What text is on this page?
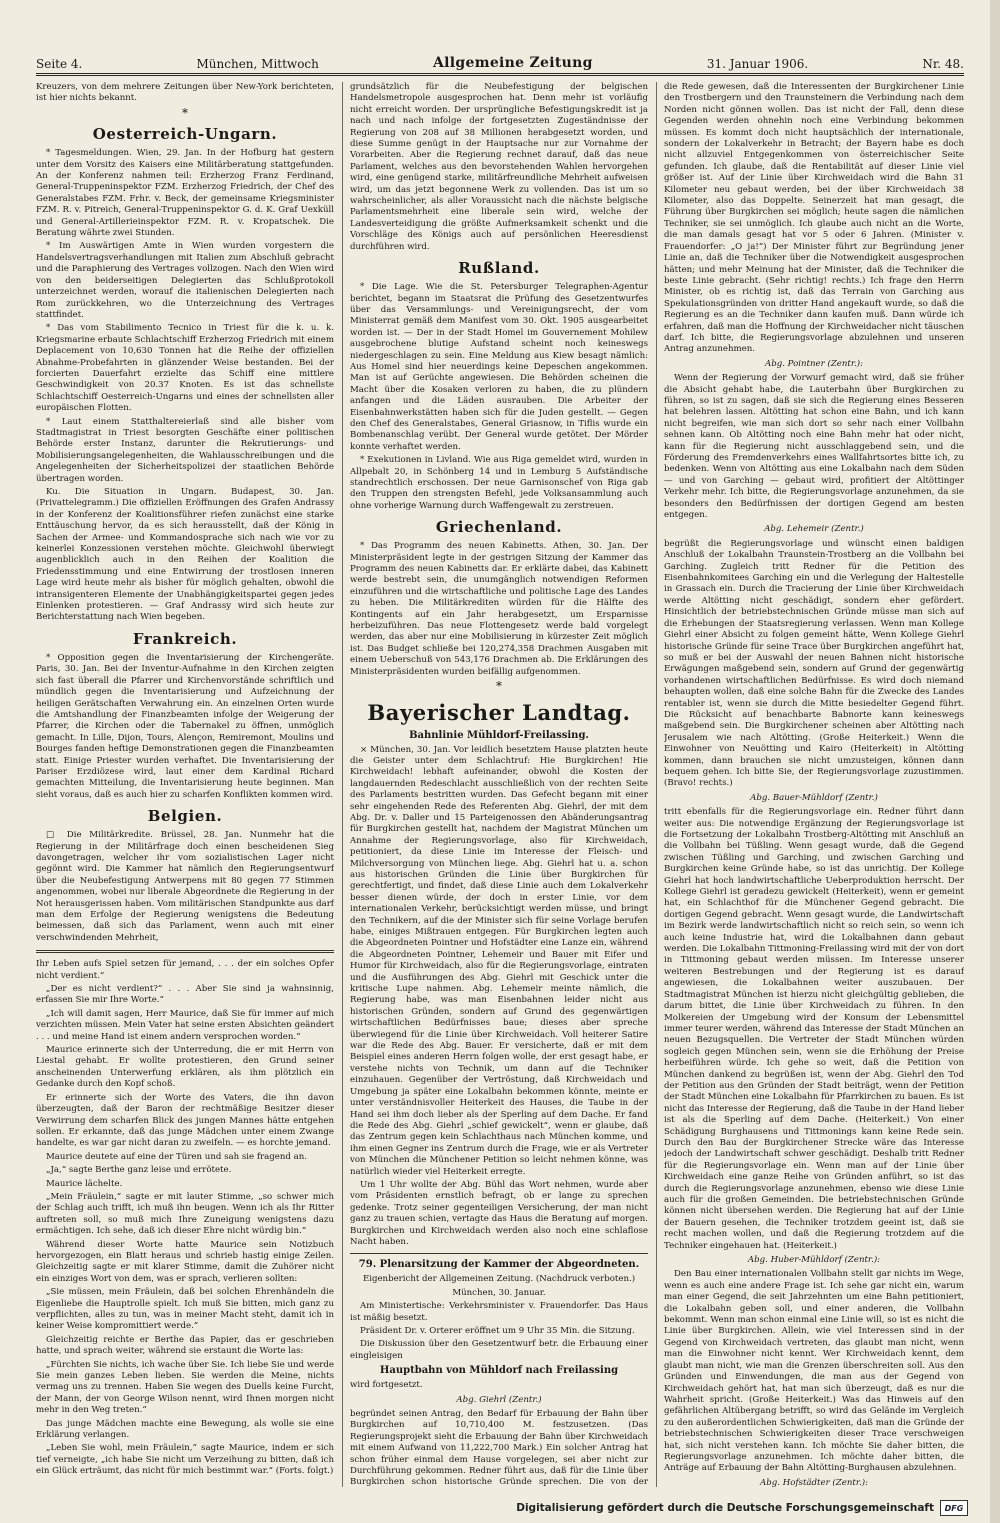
Seite 4.	München, Mittwoch	Allgemeine Zeitung	31. Januar 1906.	Nr. 48.

Kreuzers, von dem mehrere Zeitungen über New-York berichteten, ist hier nichts bekannt.

*
Oesterreich-Ungarn.

* Tagesmeldungen. Wien, 29. Jan. In der Hofburg hat gestern unter dem Vorsitz des Kaisers eine Militärberatung stattgefunden. An der Konferenz nahmen teil: Erzherzog Franz Ferdinand, General-Truppeninspektor FZM. Erzherzog Friedrich, der Chef des Generalstabes FZM. Frhr. v. Beck, der gemeinsame Kriegsminister FZM. R. v. Pitreich, General-Truppeninspektor G. d. K. Graf Uexküll und General-Artillerieinspektor FZM. R. v. Kropatschek. Die Beratung währte zwei Stunden.

* Im Auswärtigen Amte in Wien wurden vorgestern die Handelsvertragsverhandlungen mit Italien zum Abschluß gebracht und die Paraphierung des Vertrages vollzogen. Nach den Wien wird von den beiderseitigen Delegierten das Schlußprotokoll unterzeichnet werden, worauf die italienischen Delegierten nach Rom zurückkehren, wo die Unterzeichnung des Vertrages stattfindet.

* Das vom Stabilimento Tecnico in Triest für die k. u. k. Kriegsmarine erbaute Schlachtschiff Erzherzog Friedrich mit einem Deplacement von 10,630 Tonnen hat die Reihe der offiziellen Abnahme-Probefahrten in glänzender Weise bestanden. Bei der forcierten Dauerfahrt erzielte das Schiff eine mittlere Geschwindigkeit von 20.37 Knoten. Es ist das schnellste Schlachtschiff Oesterreich-Ungarns und eines der schnellsten aller europäischen Flotten.

* Laut einem Statthaltereierlaß sind alle bisher vom Stadtmagistrat in Triest besorgten Geschäfte einer politischen Behörde erster Instanz, darunter die Rekrutierungs- und Mobilisierungsangelegenheiten, die Wahlausschreibungen und die Angelegenheiten der Sicherheitspolizei der staatlichen Behörde übertragen worden.

Ku. Die Situation in Ungarn. Budapest, 30. Jan. (Privattelegramm.) Die offiziellen Eröffnungen des Grafen Andrassy in der Konferenz der Koalitionsführer riefen zunächst eine starke Enttäuschung hervor, da es sich herausstellt, daß der König in Sachen der Armee- und Kommandosprache sich nach wie vor zu keinerlei Konzessionen verstehen möchte. Gleichwohl überwiegt augenblicklich auch in den Reihen der Koalition die Friedensstimmung und eine Entwirrung der trostlosen inneren Lage wird heute mehr als bisher für möglich gehalten, obwohl die intransigenteren Elemente der Unabhängigkeitspartei gegen jedes Einlenken protestieren. — Graf Andrassy wird sich heute zur Berichterstattung nach Wien begeben.

Frankreich.

* Opposition gegen die Inventarisierung der Kirchengeräte. Paris, 30. Jan. Bei der Inventur-Aufnahme in den Kirchen zeigten sich fast überall die Pfarrer und Kirchenvorstände schriftlich und mündlich gegen die Inventarisierung und Aufzeichnung der heiligen Gerätschaften Verwahrung ein. An einzelnen Orten wurde die Amtshandlung der Finanzbeamten infolge der Weigerung der Pfarrer, die Kirchen oder die Tabernakel zu öffnen, unmöglich gemacht. In Lille, Dijon, Tours, Alençon, Remiremont, Moulins und Bourges fanden heftige Demonstrationen gegen die Finanzbeamten statt. Einige Priester wurden verhaftet. Die Inventarisierung der Pariser Erzdiözese wird, laut einer dem Kardinal Richard gemachten Mitteilung, die Inventarisierung heute beginnen. Man sieht voraus, daß es auch hier zu scharfen Konflikten kommen wird.

Belgien.

□ Die Militärkredite. Brüssel, 28. Jan. Nunmehr hat die Regierung in der Militärfrage doch einen bescheidenen Sieg davongetragen, welcher ihr vom sozialistischen Lager nicht gegönnt wird. Die Kammer hat nämlich den Regierungsentwurf über die Neubefestigung Antwerpens mit 80 gegen 77 Stimmen angenommen, wobei nur liberale Abgeordnete die Regierung in der Not herausgerissen haben. Vom militärischen Standpunkte aus darf man dem Erfolge der Regierung wenigstens die Bedeutung beimessen, daß sich das Parlament, wenn auch mit einer verschwindenden Mehrheit,

Ihr Leben aufs Spiel setzen für jemand, . . . der ein solches Opfer nicht verdient.“

„Der es nicht verdient?“ . . . Aber Sie sind ja wahnsinnig, erfassen Sie mir Ihre Worte.“

„Ich will damit sagen, Herr Maurice, daß Sie für immer auf mich verzichten müssen. Mein Vater hat seine ersten Absichten geändert . . . und meine Hand ist einem andern versprochen worden.“

Maurice erinnerte sich der Unterredung, die er mit Herrn von Liestal gehabt. Er wollte protestieren, den Grund seiner anscheinenden Unterwerfung erklären, als ihm plötzlich ein Gedanke durch den Kopf schoß.

Er erinnerte sich der Worte des Vaters, die ihn davon überzeugten, daß der Baron der rechtmäßige Besitzer dieser Verwirrung dem scharfen Blick des jungen Mannes hätte entgehen sollen. Er erkannte, daß das junge Mädchen unter einem Zwange handelte, es war gar nicht daran zu zweifeln. — es horchte jemand.

Maurice deutete auf eine der Türen und sah sie fragend an.

„Ja,“ sagte Berthe ganz leise und errötete.

Maurice lächelte.

„Mein Fräulein,“ sagte er mit lauter Stimme, „so schwer mich der Schlag auch trifft, ich muß ihn beugen. Wenn ich als Ihr Ritter auftreten soll, so muß mich Ihre Zuneigung wenigstens dazu ermächtigen. Ich sehe, daß ich dieser Ehre nicht würdig bin.“

Während dieser Worte hatte Maurice sein Notizbuch hervorgezogen, ein Blatt heraus und schrieb hastig einige Zeilen. Gleichzeitig sagte er mit klarer Stimme, damit die Zuhörer nicht ein einziges Wort von dem, was er sprach, verlieren sollten:

„Sie müssen, mein Fräulein, daß bei solchen Ehrenhändeln die Eigenliebe die Hauptrolle spielt. Ich muß Sie bitten, mich ganz zu verpflichten, alles zu tun, was in meiner Macht steht, damit ich in keiner Weise kompromittiert werde.“

Gleichzeitig reichte er Berthe das Papier, das er geschrieben hatte, und sprach weiter, während sie erstaunt die Worte las:

„Fürchten Sie nichts, ich wache über Sie. Ich liebe Sie und werde Sie mein ganzes Leben lieben. Sie werden die Meine, nichts vermag uns zu trennen. Haben Sie wegen des Duells keine Furcht, der Mann, der von George Wilson nennt, wird Ihnen morgen nicht mehr in den Weg treten.“

Das junge Mädchen machte eine Bewegung, als wolle sie eine Erklärung verlangen.

„Leben Sie wohl, mein Fräulein,“ sagte Maurice, indem er sich tief verneigte, „ich habe Sie nicht um Verzeihung zu bitten, daß ich ein Glück erträumt, das nicht für mich bestimmt war.“ (Forts. folgt.)

grundsätzlich für die Neubefestigung der belgischen Handelsmetropole ausgesprochen hat. Denn mehr ist vorläufig nicht erreicht worden. Der ursprüngliche Befestigungskredit ist ja nach und nach infolge der fortgesetzten Zugeständnisse der Regierung von 208 auf 38 Millionen herabgesetzt worden, und diese Summe genügt in der Hauptsache nur zur Vornahme der Vorarbeiten. Aber die Regierung rechnet darauf, daß das neue Parlament, welches aus den bevorstehenden Wahlen hervorgehen wird, eine genügend starke, militärfreundliche Mehrheit aufweisen wird, um das jetzt begonnene Werk zu vollenden. Das ist um so wahrscheinlicher, als aller Voraussicht nach die nächste belgische Parlamentsmehrheit eine liberale sein wird, welche der Landesverteidigung die größte Aufmerksamkeit schenkt und die Vorschläge des Königs auch auf persönlichen Heeresdienst durchführen wird.

Rußland.

* Die Lage. Wie die St. Petersburger Telegraphen-Agentur berichtet, begann im Staatsrat die Prüfung des Gesetzentwurfes über das Versammlungs- und Vereinigungsrecht, der vom Ministerrat gemäß dem Manifest vom 30. Okt. 1905 ausgearbeitet worden ist. — Der in der Stadt Homel im Gouvernement Mohilew ausgebrochene blutige Aufstand scheint noch keineswegs niedergeschlagen zu sein. Eine Meldung aus Kiew besagt nämlich: Aus Homel sind hier neuerdings keine Depeschen angekommen. Man ist auf Gerüchte angewiesen. Die Behörden scheinen die Macht über die Kosaken verloren zu haben, die zu plündern anfangen und die Läden ausrauben. Die Arbeiter der Eisenbahnwerkstätten haben sich für die Juden gestellt. — Gegen den Chef des Generalstabes, General Griasnow, in Tiflis wurde ein Bombenanschlag verübt. Der General wurde getötet. Der Mörder konnte verhaftet werden.

* Exekutionen in Livland. Wie aus Riga gemeldet wird, wurden in Allpebalt 20, in Schönberg 14 und in Lemburg 5 Aufständische standrechtlich erschossen. Der neue Garnisonschef von Riga gab den Truppen den strengsten Befehl, jede Volksansammlung auch ohne vorherige Warnung durch Waffengewalt zu zerstreuen.

Griechenland.

* Das Programm des neuen Kabinetts. Athen, 30. Jan. Der Ministerpräsident legte in der gestrigen Sitzung der Kammer das Programm des neuen Kabinetts dar. Er erklärte dabei, das Kabinett werde bestrebt sein, die unumgänglich notwendigen Reformen einzuführen und die wirtschaftliche und politische Lage des Landes zu heben. Die Militärkrediten würden für die Hälfte des Kontingents auf ein Jahr herabgesetzt, um Ersparnisse herbeizuführen. Das neue Flottengesetz werde bald vorgelegt werden, das aber nur eine Mobilisierung in kürzester Zeit möglich ist. Das Budget schließe bei 120,274,358 Drachmen Ausgaben mit einem Ueberschuß von 543,176 Drachmen ab. Die Erklärungen des Ministerpräsidenten wurden beifällig aufgenommen.

*
Bayerischer Landtag.
Bahnlinie Mühldorf-Freilassing.

× München, 30. Jan. Vor leidlich besetztem Hause platzten heute die Geister unter dem Schlachtruf: Hie Burgkirchen! Hie Kirchweidach! lebhaft aufeinander, obwohl die Kosten der langdauernden Redeschlacht ausschließlich von der rechten Seite des Parlaments bestritten wurden. Das Gefecht begann mit einer sehr eingehenden Rede des Referenten Abg. Giehrl, der mit dem Abg. Dr. v. Daller und 15 Parteigenossen den Abänderungsantrag für Burgkirchen gestellt hat, nachdem der Magistrat München um Annahme der Regierungsvorlage, also für Kirchweidach, petitioniert, da diese Linie im Interesse der Fleisch- und Milchversorgung von München liege. Abg. Giehrl hat u. a. schon aus historischen Gründen die Linie über Burgkirchen für gerechtfertigt, und findet, daß diese Linie auch dem Lokalverkehr besser dienen würde, der doch in erster Linie, vor dem internationalen Verkehr, berücksichtigt werden müsse, und bringt den Technikern, auf die der Minister sich für seine Vorlage berufen habe, einiges Mißtrauen entgegen. Für Burgkirchen legten auch die Abgeordneten Pointner und Hofstädter eine Lanze ein, während die Abgeordneten Pointner, Lehemeir und Bauer mit Eifer und Humor für Kirchweidach, also für die Regierungsvorlage, eintraten und die Ausführungen des Abg. Giehrl mit Geschick unter die kritische Lupe nahmen. Abg. Lehemeir meinte nämlich, die Regierung habe, was man Eisenbahnen leider nicht aus historischen Gründen, sondern auf Grund des gegenwärtigen wirtschaftlichen Bedürfnisses baue; dieses aber spreche überwiegend für die Linie über Kirchweidach. Voll heiterer Satire war die Rede des Abg. Bauer. Er versicherte, daß er mit dem Beispiel eines anderen Herrn folgen wolle, der erst gesagt habe, er verstehe nichts von Technik, um dann auf die Techniker einzuhauen. Gegenüber der Vertröstung, daß Kirchweidach und Umgebung ja später eine Lokalbahn bekommen könnte, meinte er unter verständnisvoller Heiterkeit des Hauses, die Taube in der Hand sei ihm doch lieber als der Sperling auf dem Dache. Er fand die Rede des Abg. Giehrl „schief gewickelt“, wenn er glaube, daß das Zentrum gegen kein Schlachthaus nach München komme, und ihm einen Gegner ins Zentrum durch die Frage, wie er als Vertreter von München die Münchener Petition so leicht nehmen könne, was natürlich wieder viel Heiterkeit erregte.

Um 1 Uhr wollte der Abg. Bühl das Wort nehmen, wurde aber vom Präsidenten ernstlich befragt, ob er lange zu sprechen gedenke. Trotz seiner gegenteiligen Versicherung, der man nicht ganz zu trauen schien, vertagte das Haus die Beratung auf morgen. Burgkirchen und Kirchweidach werden also noch eine schlaflose Nacht haben.

79. Plenarsitzung der Kammer der Abgeordneten.
Eigenbericht der Allgemeinen Zeitung. (Nachdruck verboten.)
München, 30. Januar.

Am Ministertische: Verkehrsminister v. Frauendorfer. Das Haus ist mäßig besetzt.

Präsident Dr. v. Orterer eröffnet um 9 Uhr 35 Min. die Sitzung.

Die Diskussion über den Gesetzentwurf betr. die Erbauung einer eingleisigen

Hauptbahn von Mühldorf nach Freilassing

wird fortgesetzt.

Abg. Giehrl (Zentr.)

begründet seinen Antrag, den Bedarf für Erbauung der Bahn über Burgkirchen auf 10,710,400 M. festzusetzen. (Das Regierungsprojekt sieht die Erbauung der Bahn über Kirchweidach mit einem Aufwand von 11,222,700 Mark.) Ein solcher Antrag hat schon früher einmal dem Hause vorgelegen, sei aber nicht zur Durchführung gekommen. Redner führt aus, daß für die Linie über Burgkirchen schon historische Gründe sprechen. Die von der

die Rede gewesen, daß die Interessenten der Burgkirchener Linie den Trostbergern und den Traunsteinern die Verbindung nach dem Norden nicht gönnen wollen. Das ist nicht der Fall, denn diese Gegenden werden ohnehin noch eine Verbindung bekommen müssen. Es kommt doch nicht hauptsächlich der internationale, sondern der Lokalverkehr in Betracht; der Bayern habe es doch nicht allzuviel Entgegenkommen von österreichischer Seite gefunden. Ich glaube, daß die Rentabilität auf dieser Linie viel größer ist. Auf der Linie über Kirchweidach wird die Bahn 31 Kilometer neu gebaut werden, bei der über Kirchweidach 38 Kilometer, also das Doppelte. Seinerzeit hat man gesagt, die Führung über Burgkirchen sei möglich; heute sagen die nämlichen Techniker, sie sei unmöglich. Ich glaube auch nicht an die Worte, die man damals gesagt hat vor 5 oder 6 Jahren. (Minister v. Frauendorfer: „O ja!“) Der Minister führt zur Begründung jener Linie an, daß die Techniker über die Notwendigkeit ausgesprochen hätten; und mehr Meinung hat der Minister, daß die Techniker die beste Linie gebracht. (Sehr richtig! rechts.) Ich frage den Herrn Minister, ob es richtig ist, daß das Terrain von Garching aus Spekulationsgründen von dritter Hand angekauft wurde, so daß die Regierung es an die Techniker dann kaufen muß. Dann würde ich erfahren, daß man die Hoffnung der Kirchweidacher nicht täuschen darf. Ich bitte, die Regierungsvorlage abzulehnen und unseren Antrag anzunehmen.

Abg. Pointner (Zentr.):

Wenn der Regierung der Vorwurf gemacht wird, daß sie früher die Absicht gehabt habe, die Lauterbahn über Burgkirchen zu führen, so ist zu sagen, daß sie sich die Regierung eines Besseren hat belehren lassen. Altötting hat schon eine Bahn, und ich kann nicht begreifen, wie man sich dort so sehr nach einer Vollbahn sehnen kann. Ob Altötting noch eine Bahn mehr hat oder nicht, kann für die Regierung nicht ausschlaggebend sein, und die Förderung des Fremdenverkehrs eines Wallfahrtsortes bitte ich, zu bedenken. Wenn von Altötting aus eine Lokalbahn nach dem Süden — und von Garching — gebaut wird, profitiert der Altöttinger Verkehr mehr. Ich bitte, die Regierungsvorlage anzunehmen, da sie besonders den Bedürfnissen der dortigen Gegend am besten entgegen.

Abg. Lehemeir (Zentr.)

begrüßt die Regierungsvorlage und wünscht einen baldigen Anschluß der Lokalbahn Traunstein-Trostberg an die Vollbahn bei Garching. Zugleich tritt Redner für die Petition des Eisenbahnkomitees Garching ein und die Verlegung der Haltestelle in Grassach ein. Durch die Tracierung der Linie über Kirchweidach werde Altötting nicht geschädigt, sondern eher gefördert. Hinsichtlich der betriebstechnischen Gründe müsse man sich auf die Erhebungen der Staatsregierung verlassen. Wenn man Kollege Giehrl einer Absicht zu folgen gemeint hätte, Wenn Kollege Giehrl historische Gründe für seine Trace über Burgkirchen angeführt hat, so muß er bei der Auswahl der neuen Bahnen nicht historische Erwägungen maßgebend sein, sondern auf Grund der gegenwärtig vorhandenen wirtschaftlichen Bedürfnisse. Es wird doch niemand behaupten wollen, daß eine solche Bahn für die Zwecke des Landes rentabler ist, wenn sie durch die Mitte besiedelter Gegend führt. Die Rücksicht auf benachbarte Babnorte kann keineswegs maßgebend sein. Die Burgkirchener scheinen aber Altötting nach Jerusalem wie nach Altötting. (Große Heiterkeit.) Wenn die Einwohner von Neuötting und Kairo (Heiterkeit) in Altötting kommen, dann brauchen sie nicht umzusteigen, können dann bequem gehen. Ich bitte Sie, der Regierungsvorlage zuzustimmen. (Bravo! rechts.)

Abg. Bauer-Mühldorf (Zentr.)

tritt ebenfalls für die Regierungsvorlage ein. Redner führt dann weiter aus: Die notwendige Ergänzung der Regierungsvorlage ist die Fortsetzung der Lokalbahn Trostberg-Altötting mit Anschluß an die Vollbahn bei Tüßling. Wenn gesagt wurde, daß die Gegend zwischen Tüßling und Garching, und zwischen Garching und Burgkirchen keine Gründe habe, so ist das unrichtig. Der Kollege Giehrl hat hoch landwirtschaftliche Ueberproduktion herrscht. Der Kollege Giehrl ist geradezu gewickelt (Heiterkeit), wenn er gemeint hat, ein Schlachthof für die Münchener Gegend gebracht. Die dortigen Gegend gebracht. Wenn gesagt wurde, die Landwirtschaft im Bezirk werde landwirtschaftlich nicht so reich sein, so wenn ich auch keine Industrie hat, wird die Lokalbahnen dann gebaut werden. Die Lokalbahn Tittmoning-Freilassing wird mit der von dort in Tittmoning gebaut werden müssen. Im Interesse unserer weiteren Bestrebungen und der Regierung ist es darauf angewiesen, die Lokalbahnen weiter auszubauen. Der Stadtmagistrat München ist hierzu nicht gleichgültig geblieben, die darum bittet, die Linie über Kirchweidach zu führen. In den Molkereien der Umgebung wird der Konsum der Lebensmittel immer teurer werden, während das Interesse der Stadt München an neuen Bezugsquellen. Die Vertreter der Stadt München würden sogleich gegen München sein, wenn sie die Erhöhung der Preise herbeiführen würde. Ich gehe so weit, daß die Petition von München dankend zu begrüßen ist, wenn der Abg. Giehrl den Tod der Petition aus den Gründen der Stadt beiträgt, wenn der Petition der Stadt München eine Lokalbahn für Pfarrkirchen zu bauen. Es ist nicht das Interesse der Regierung, daß die Taube in der Hand lieber ist als die Sperling auf dem Dache. (Heiterkeit.) Von einer Schädigung Burghausens und Tittmonings kann keine Rede sein. Durch den Bau der Burgkirchener Strecke wäre das Interesse jedoch der Landwirtschaft schwer geschädigt. Deshalb tritt Redner für die Regierungsvorlage ein. Wenn man auf der Linie über Kirchweidach eine ganze Reihe von Gründen anführt, so ist das durch die Regierungsvorlage anzunehmen, ebenso wie diese Linie auch für die großen Gemeinden. Die betriebstechnischen Gründe können nicht übersehen werden. Die Regierung hat auf der Linie der Bauern gesehen, die Techniker trotzdem geeint ist, daß sie recht machen wollen, und daß die Regierung trotzdem auf die Techniker eingehauen hat. (Heiterkeit.)

Abg. Huber-Mühldorf (Zentr.):

Den Bau einer internationalen Vollbahn stellt gar nichts im Wege, wenn es auch eine andere Frage ist. Ich sehe gar nicht ein, warum man einer Gegend, die seit Jahrzehnten um eine Bahn petitioniert, die Lokalbahn geben soll, und einer anderen, die Vollbahn bekommt. Wenn man schon einmal eine Linie will, so ist es nicht die Linie über Burgkirchen. Allein, wie viel Interessen sind in der Gegend von Kirchweidach vertreten, das glaubt man nicht, wenn man die Einwohner nicht kennt. Wer Kirchweidach kennt, dem glaubt man nicht, wie man die Grenzen überschreiten soll. Aus den Gründen und Einwendungen, die man aus der Gegend von Kirchweidach gehört hat, hat man sich überzeugt, daß es nur die Wahrheit spricht. (Große Heiterkeit.) Was das Hinweis auf den gefährlichen Altübergang betrifft, so wird das Gelände im Vergleich zu den außerordentlichen Schwierigkeiten, daß man die Gründe der betriebstechnischen Schwierigkeiten dieser Trace verschweigen hat, sich nicht verstehen kann. Ich möchte Sie daher bitten, die Regierungsvorlage anzunehmen. Ich möchte daher bitten, die Anträge auf Erbauung der Bahn Altötting-Burghausen abzulehnen.

Abg. Hofstädter (Zentr.):

Digitalisierung gefördert durch die Deutsche Forschungsgemeinschaft	DFG
